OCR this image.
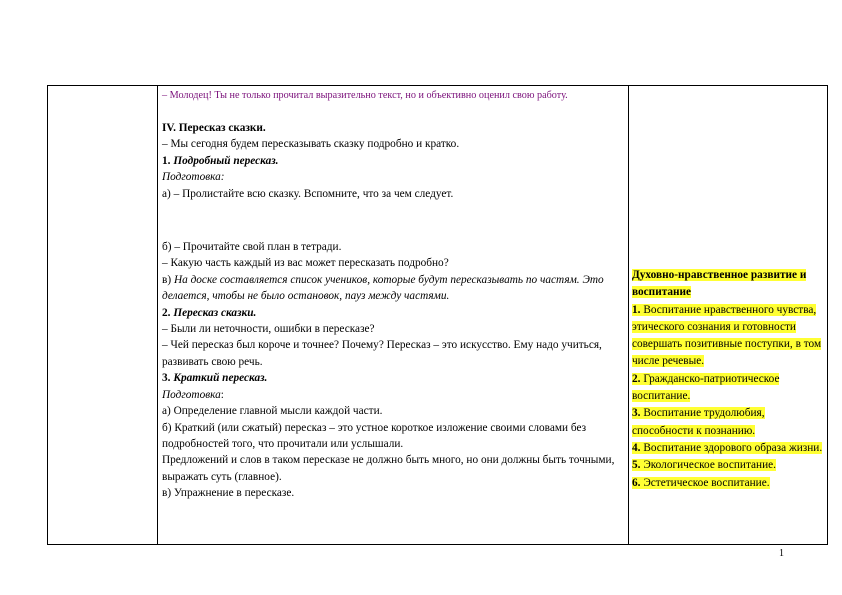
– Молодец! Ты не только прочитал выразительно текст, но и объективно оценил свою работу.

IV. Пересказ сказки.

– Мы сегодня будем пересказывать сказку подробно и кратко.

1. Подробный пересказ.

Подготовка:

а) – Пролистайте всю сказку. Вспомните, что за чем следует.

б) – Прочитайте свой план в тетради.

– Какую часть каждый из вас может пересказать подробно?

в) На доске составляется список учеников, которые будут пересказывать по частям. Это делается, чтобы не было остановок, пауз между частями.

2. Пересказ сказки.

– Были ли неточности, ошибки в пересказе?

– Чей пересказ был короче и точнее? Почему? Пересказ – это искусство. Ему надо учиться, развивать свою речь.

3. Краткий пересказ.

Подготовка:

а) Определение главной мысли каждой части.

б) Краткий (или сжатый) пересказ – это устное короткое изложение своими словами без подробностей того, что прочитали или услышали.

Предложений и слов в таком пересказе не должно быть много, но они должны быть точными, выражать суть (главное).

в) Упражнение в пересказе.

Духовно-нравственное развитие и воспитание

1. Воспитание нравственного чувства, этического сознания и готовности совершать позитивные поступки, в том числе речевые.

2. Гражданско-патриотическое воспитание.

3. Воспитание трудолюбия, способности к познанию.

4. Воспитание здорового образа жизни.

5. Экологическое воспитание.

6. Эстетическое воспитание.

1
